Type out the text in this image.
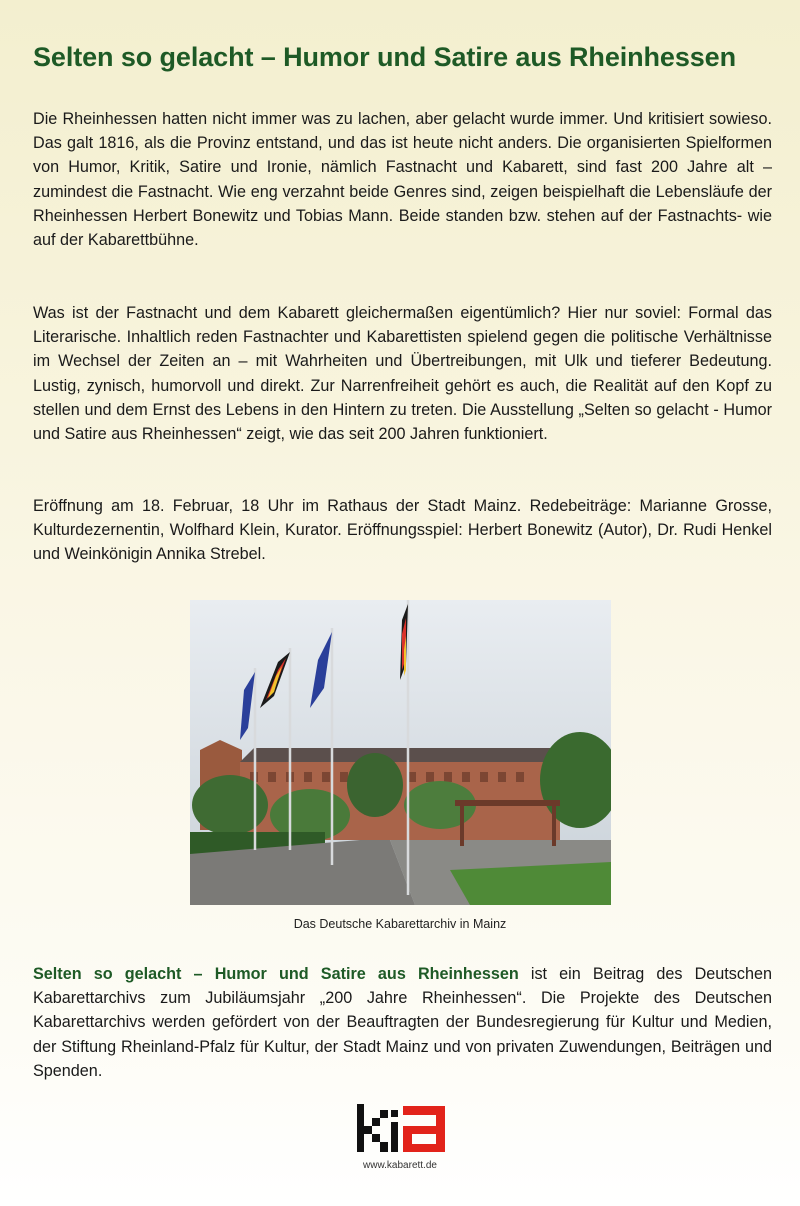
Selten so gelacht – Humor und Satire aus Rheinhessen

Die Rheinhessen hatten nicht immer was zu lachen, aber gelacht wurde immer. Und kritisiert sowieso. Das galt 1816, als die Provinz entstand, und das ist heute nicht anders. Die organisierten Spielformen von Humor, Kritik, Satire und Ironie, nämlich Fastnacht und Kabarett, sind fast 200 Jahre alt – zumindest die Fastnacht. Wie eng verzahnt beide Genres sind, zeigen beispielhaft die Lebensläufe der Rheinhessen Herbert Bonewitz und Tobias Mann. Beide standen bzw. stehen auf der Fastnachts- wie auf der Kabarettbühne.

Was ist der Fastnacht und dem Kabarett gleichermaßen eigentümlich? Hier nur soviel: Formal das Literarische. Inhaltlich reden Fastnachter und Kabarettisten spielend gegen die politische Verhältnisse im Wechsel der Zeiten an – mit Wahrheiten und Übertreibungen, mit Ulk und tieferer Bedeutung. Lustig, zynisch, humorvoll und direkt. Zur Narrenfreiheit gehört es auch, die Realität auf den Kopf zu stellen und dem Ernst des Lebens in den Hintern zu treten. Die Ausstellung „Selten so gelacht - Humor und Satire aus Rheinhessen“ zeigt, wie das seit 200 Jahren funktioniert.

Eröffnung am 18. Februar, 18 Uhr im Rathaus der Stadt Mainz. Redebeiträge: Marianne Grosse, Kulturdezernentin, Wolfhard Klein, Kurator. Eröffnungsspiel: Herbert Bonewitz (Autor), Dr. Rudi Henkel und Weinkönigin Annika Strebel.

Das Deutsche Kabarettarchiv in Mainz

Selten so gelacht – Humor und Satire aus Rheinhessen ist ein Beitrag des Deutschen Kabarettarchivs zum Jubiläumsjahr „200 Jahre Rheinhessen“. Die Projekte des Deutschen Kabarettarchivs werden gefördert von der Beauftragten der Bundesregierung für Kultur und Medien, der Stiftung Rheinland-Pfalz für Kultur, der Stadt Mainz und von privaten Zuwendungen, Beiträgen und Spenden.

www.kabarett.de
